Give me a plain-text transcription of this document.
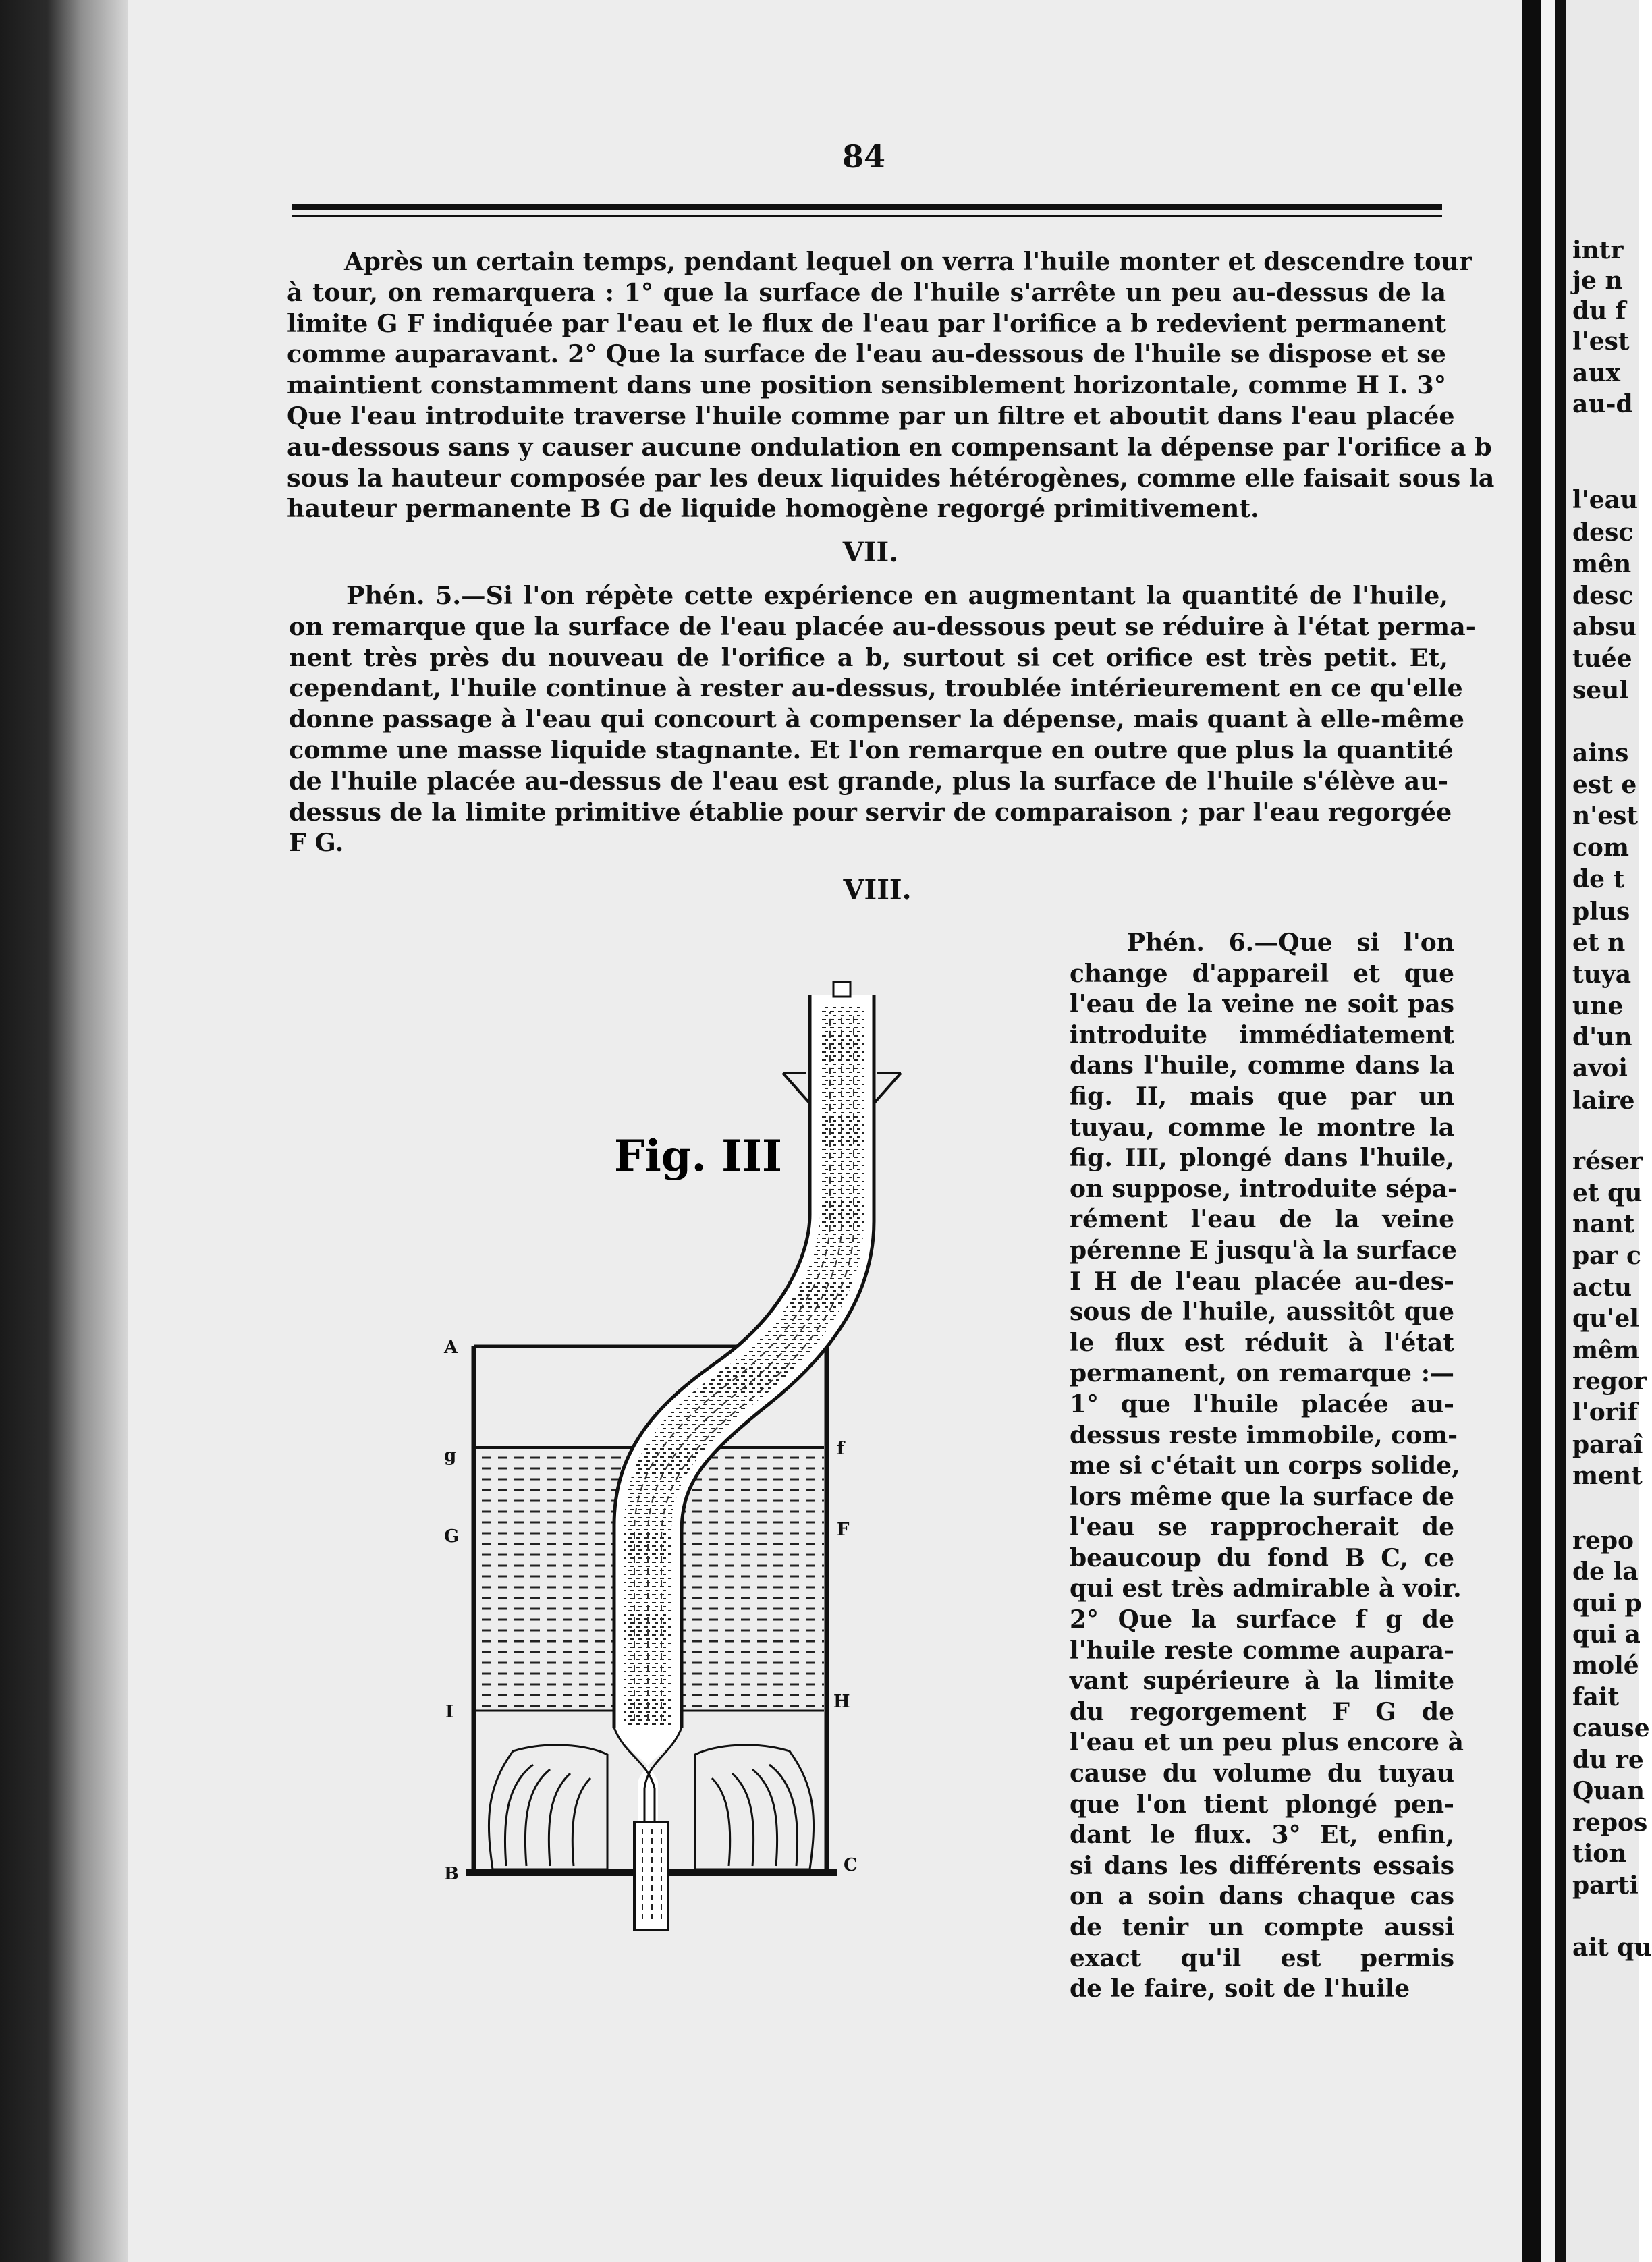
84
Après un certain temps, pendant lequel on verra l'huile monter et descendre tour
à tour, on remarquera : 1° que la surface de l'huile s'arrête un peu au-dessus de la
limite G F indiquée par l'eau et le flux de l'eau par l'orifice a b redevient permanent
comme auparavant. 2° Que la surface de l'eau au-dessous de l'huile se dispose et se
maintient constamment dans une position sensiblement horizontale, comme H I. 3°
Que l'eau introduite traverse l'huile comme par un filtre et aboutit dans l'eau placée
au-dessous sans y causer aucune ondulation en compensant la dépense par l'orifice a b
sous la hauteur composée par les deux liquides hétérogènes, comme elle faisait sous la
hauteur permanente B G de liquide homogène regorgé primitivement.
VII.
Phén. 5.—Si l'on répète cette expérience en augmentant la quantité de l'huile,
on remarque que la surface de l'eau placée au-dessous peut se réduire à l'état perma-
nent très près du nouveau de l'orifice a b, surtout si cet orifice est très petit. Et,
cependant, l'huile continue à rester au-dessus, troublée intérieurement en ce qu'elle
donne passage à l'eau qui concourt à compenser la dépense, mais quant à elle-même
comme une masse liquide stagnante. Et l'on remarque en outre que plus la quantité
de l'huile placée au-dessus de l'eau est grande, plus la surface de l'huile s'élève au-
dessus de la limite primitive établie pour servir de comparaison ; par l'eau regorgée
F G.
VIII.
Phén. 6.—Que si l'on
change d'appareil et que
l'eau de la veine ne soit pas
introduite immédiatement
dans l'huile, comme dans la
fig. II, mais que par un
tuyau, comme le montre la
fig. III, plongé dans l'huile,
on suppose, introduite sépa-
rément l'eau de la veine
pérenne E jusqu'à la surface
I H de l'eau placée au-des-
sous de l'huile, aussitôt que
le flux est réduit à l'état
permanent, on remarque :—
1° que l'huile placée au-
dessus reste immobile, com-
me si c'était un corps solide,
lors même que la surface de
l'eau se rapprocherait de
beaucoup du fond B C, ce
qui est très admirable à voir.
2° Que la surface f g de
l'huile reste comme aupara-
vant supérieure à la limite
du regorgement F G de
l'eau et un peu plus encore à
cause du volume du tuyau
que l'on tient plongé pen-
dant le flux. 3° Et, enfin,
si dans les différents essais
on a soin dans chaque cas
de tenir un compte aussi
exact qu'il est permis
de le faire, soit de l'huile
Fig. III
A
g	f
G	F
I	H
B	C
intr
je n
du f
l'est
aux
au-d
l'eau
desc
mên
desc
absu
tuée
seul
ains
est e
n'est
com
de t
plus
et n
tuya
une
d'un
avoi
laire
réser
et qu
nant
par c
actu
qu'el
mêm
regor
l'orif
paraî
ment
repo
de la
qui p
qui a
molé
fait
cause
du re
Quan
repos
tion
parti
ait qu
